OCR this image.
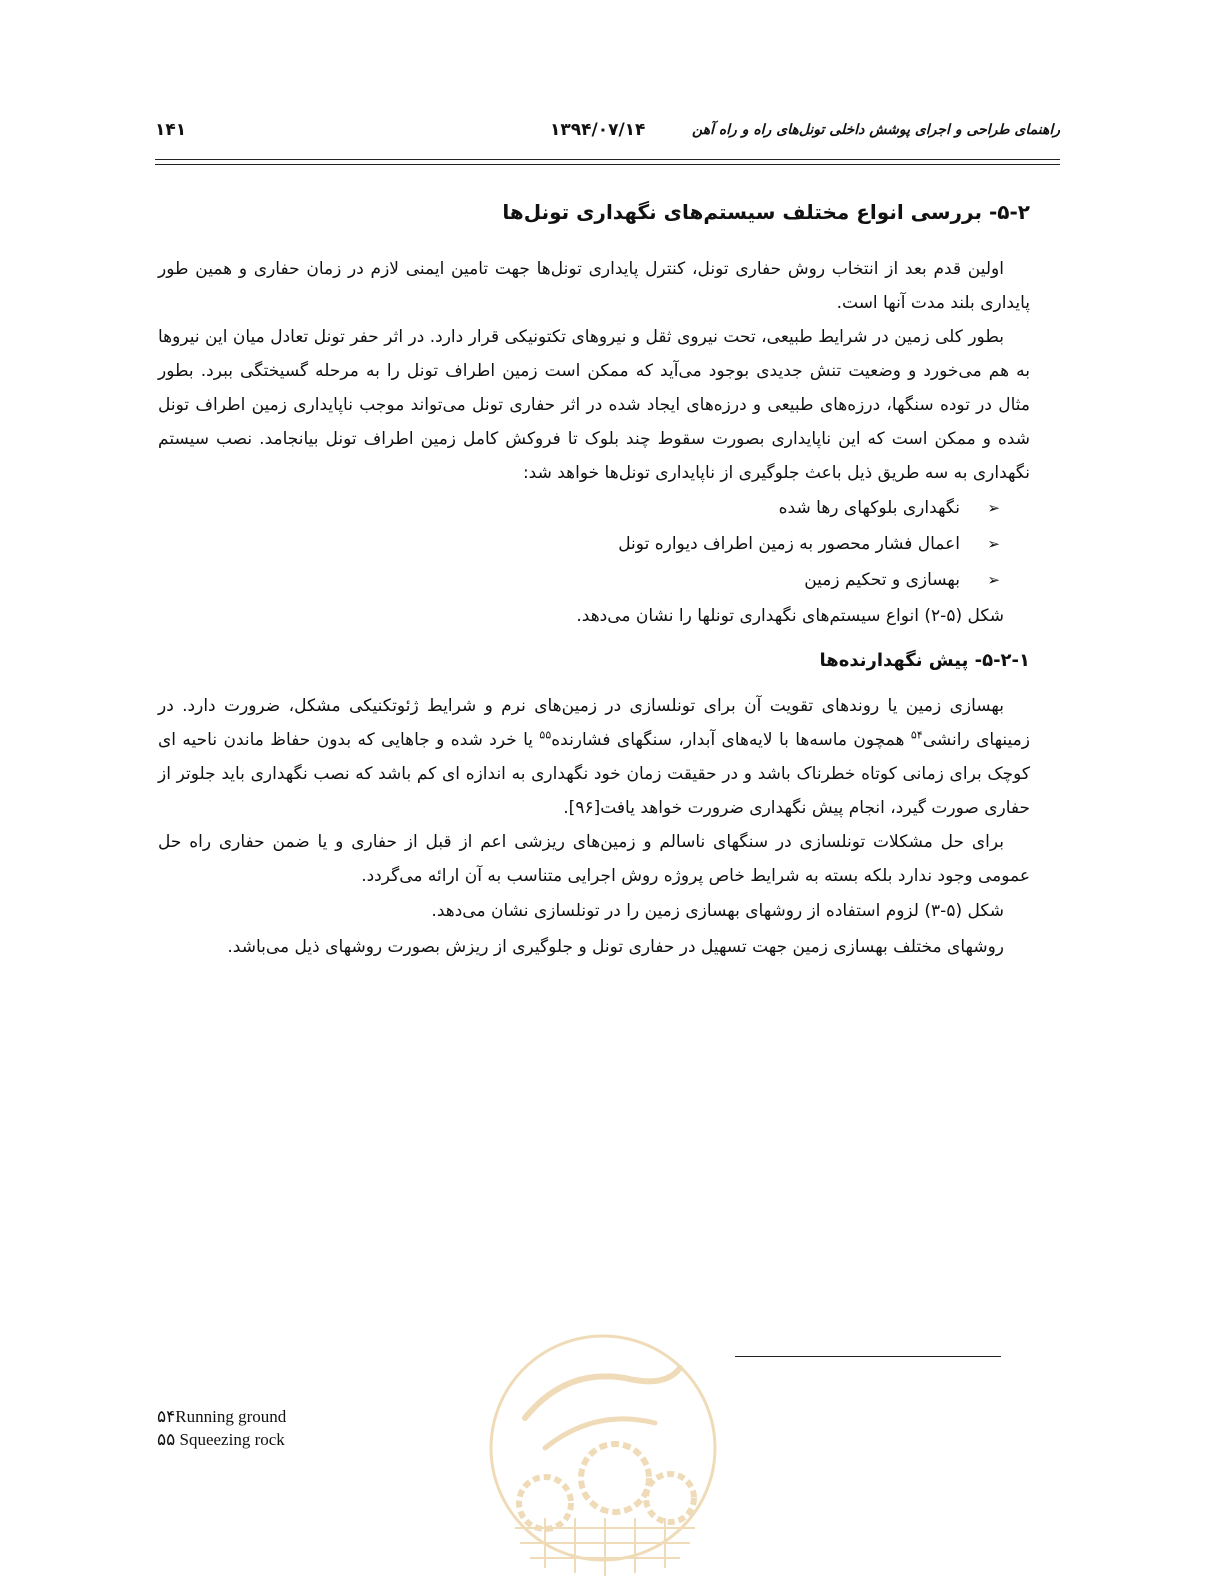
راهنمای طراحی و اجرای پوشش داخلی تونل‌های راه و راه آهن
۱۳۹۴/۰۷/۱۴
۱۴۱
۵-۲- بررسی انواع مختلف سیستم‌های نگهداری تونل‌ها

اولین قدم بعد از انتخاب روش حفاری تونل، کنترل پایداری تونل‌ها جهت تامین ایمنی لازم در زمان حفاری و همین طور پایداری بلند مدت آنها است.

بطور کلی زمین در شرایط طبیعی، تحت نیروی ثقل و نیروهای تکتونیکی قرار دارد. در اثر حفر تونل تعادل میان این نیروها به هم می‌خورد و وضعیت تنش جدیدی بوجود می‌آید که ممکن است زمین اطراف تونل را به مرحله گسیختگی ببرد. بطور مثال در توده سنگها، درزه‌های طبیعی و درزه‌های ایجاد شده در اثر حفاری تونل می‌تواند موجب ناپایداری زمین اطراف تونل شده و ممکن است که این ناپایداری بصورت سقوط چند بلوک تا فروکش کامل زمین اطراف تونل بیانجامد. نصب سیستم نگهداری به سه طریق ذیل باعث جلوگیری از ناپایداری تونل‌ها خواهد شد:

➢
نگهداری بلوکهای رها شده
➢
اعمال فشار محصور به زمین اطراف دیواره تونل
➢
بهسازی و تحکیم زمین
شکل (۵-۲) انواع سیستم‌های نگهداری تونلها را نشان می‌دهد.
۵-۲-۱- پیش نگهدارنده‌ها

بهسازی زمین یا روندهای تقویت آن برای تونلسازی در زمین‌های نرم و شرایط ژئوتکنیکی مشکل، ضرورت دارد. در زمینهای رانشی$^{۵۴}$ همچون ماسه‌ها با لایه‌های آبدار، سنگهای فشارنده$^{۵۵}$ یا خرد شده و جاهایی که بدون حفاظ ماندن ناحیه ای کوچک برای زمانی کوتاه خطرناک باشد و در حقیقت زمان خود نگهداری به اندازه ای کم باشد که نصب نگهداری باید جلوتر از حفاری صورت گیرد، انجام پیش نگهداری ضرورت خواهد یافت[۹۶].

برای حل مشکلات تونلسازی در سنگهای ناسالم و زمین‌های ریزشی اعم از قبل از حفاری و یا ضمن حفاری راه حل عمومی وجود ندارد بلکه بسته به شرایط خاص پروژه روش اجرایی متناسب به آن ارائه می‌گردد.

شکل (۵-۳) لزوم استفاده از روشهای بهسازی زمین را در تونلسازی نشان می‌دهد.
روشهای مختلف بهسازی زمین جهت تسهیل در حفاری تونل و جلوگیری از ریزش بصورت روشهای ذیل می‌باشد.
۵۴Running ground
۵۵ Squeezing rock
